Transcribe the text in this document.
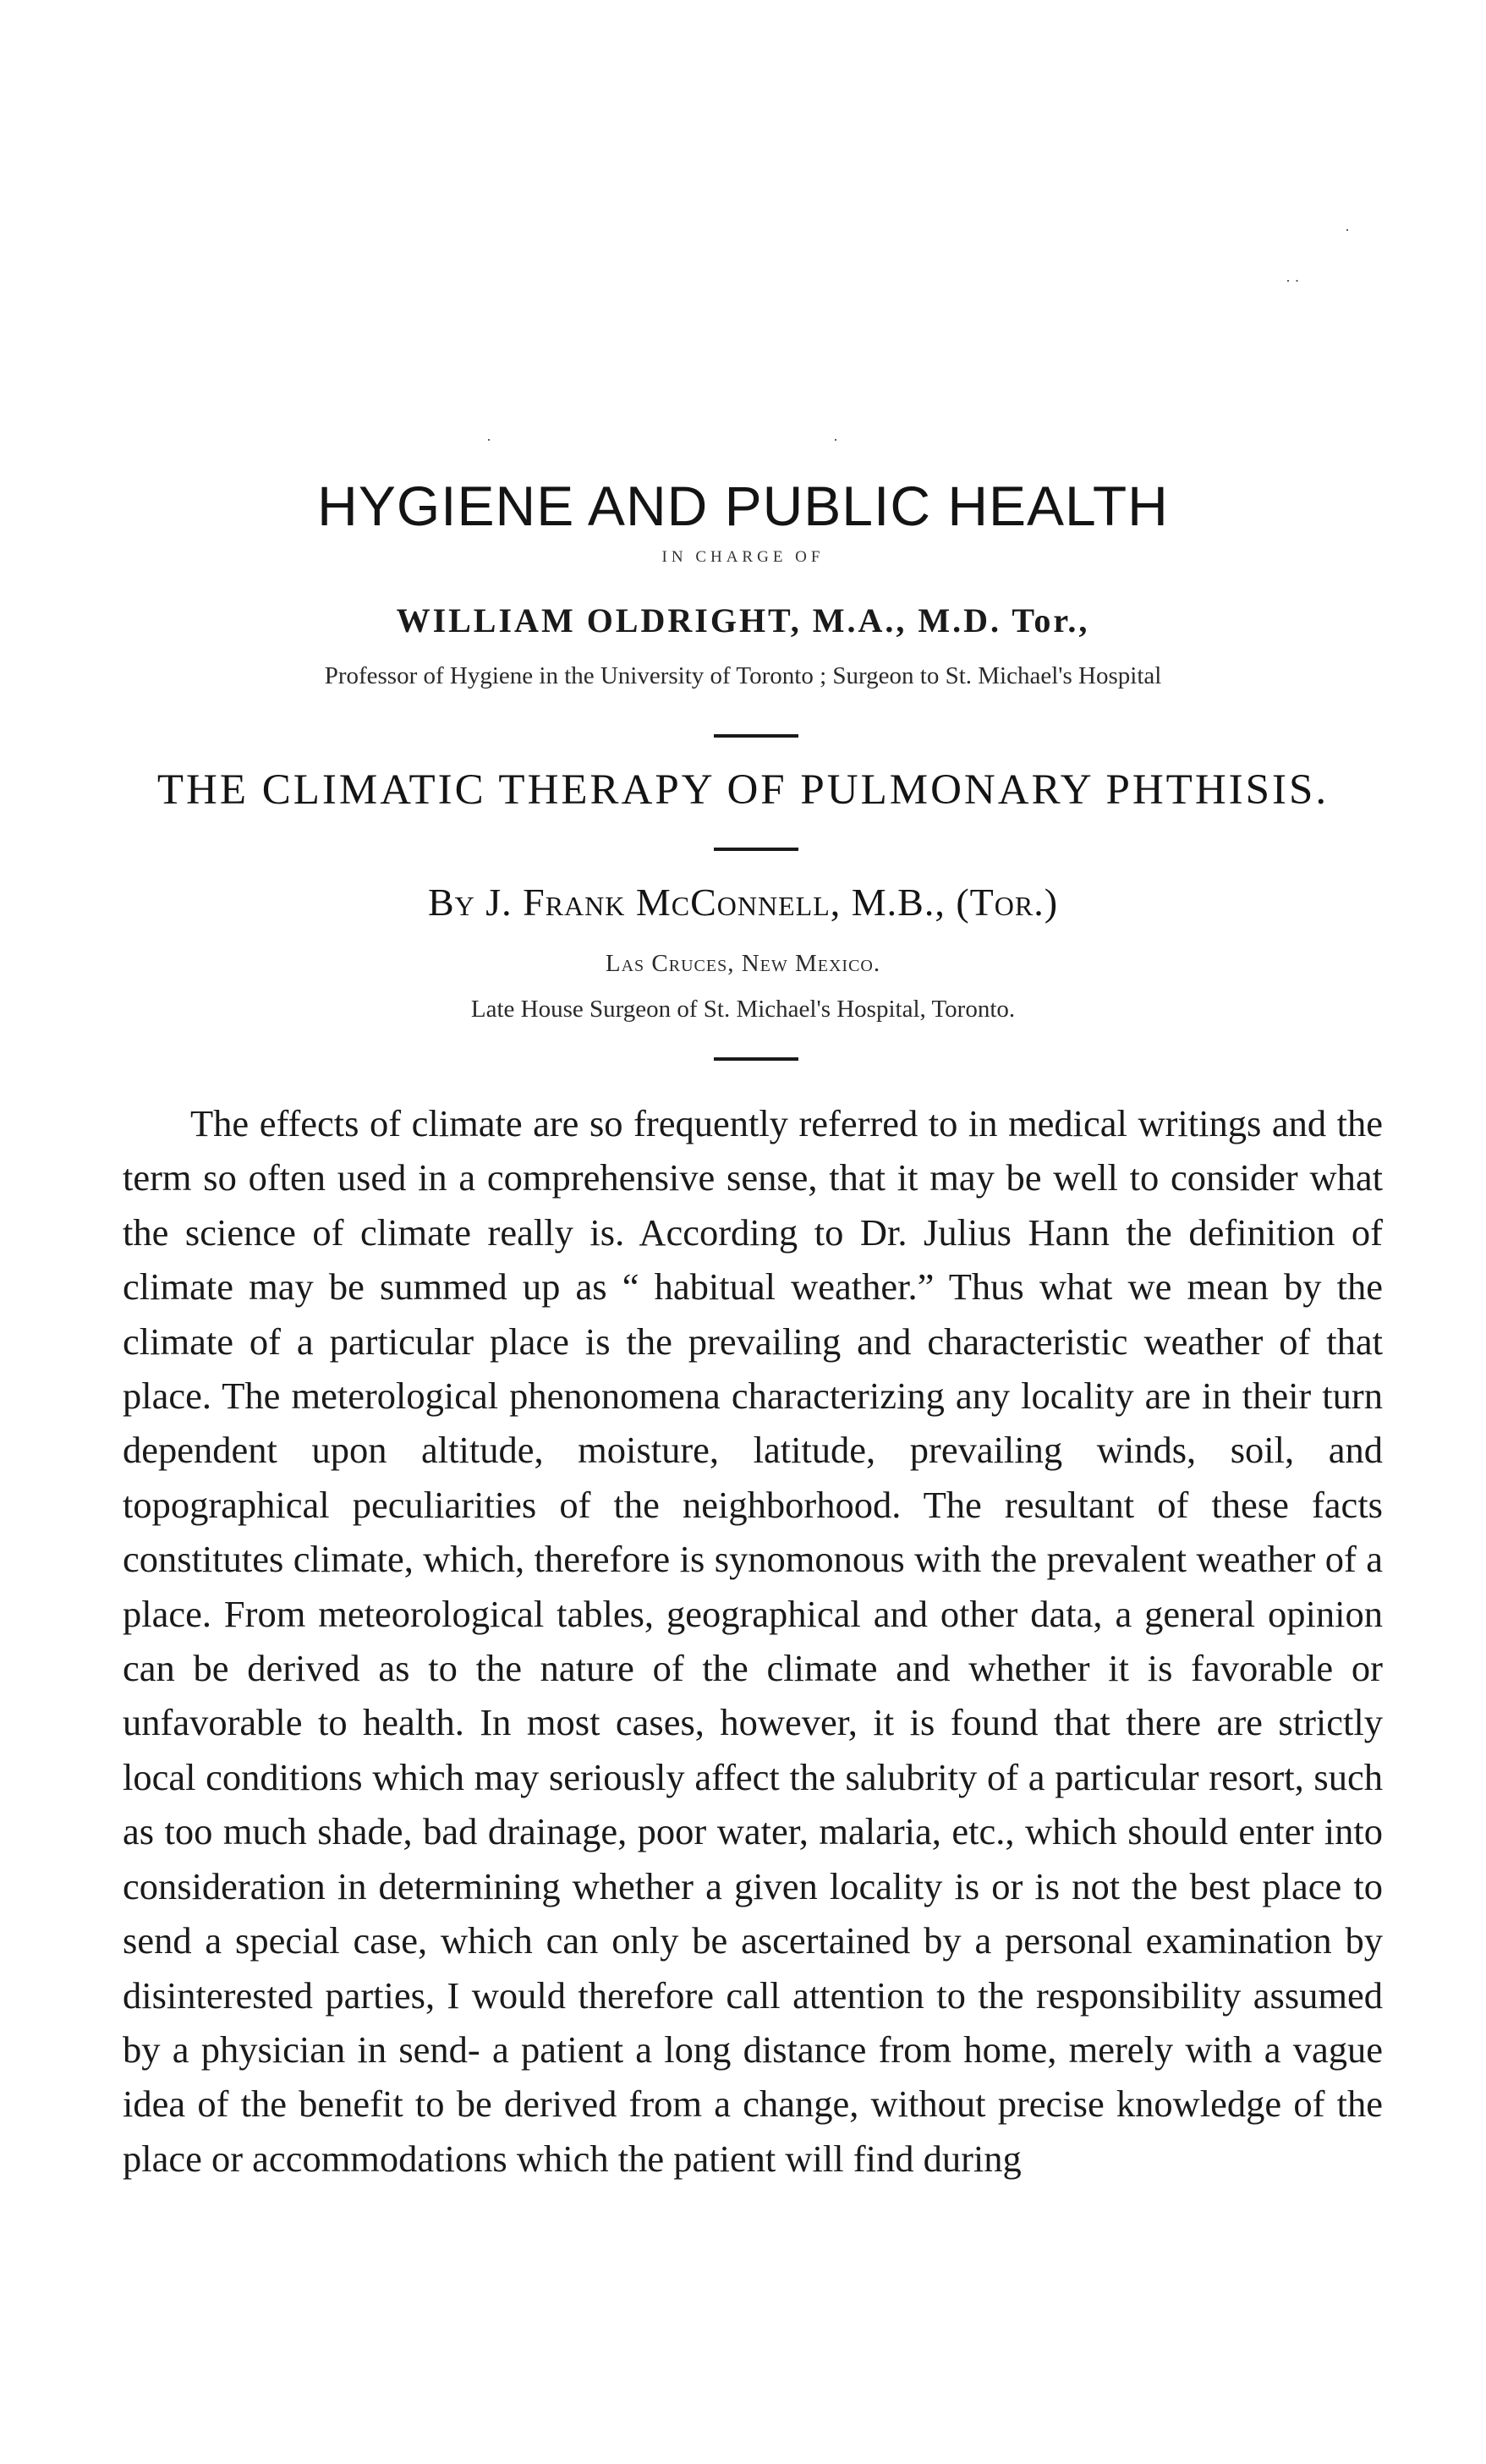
·
· ·
·	·
HYGIENE AND PUBLIC HEALTH
IN CHARGE OF
WILLIAM OLDRIGHT, M.A., M.D. Tor.,
Professor of Hygiene in the University of Toronto ; Surgeon to St. Michael's Hospital
THE CLIMATIC THERAPY OF PULMONARY PHTHISIS.
By J. Frank McConnell, M.B., (Tor.)
Las Cruces, New Mexico.
Late House Surgeon of St. Michael's Hospital, Toronto.

The effects of climate are so frequently referred to in medical writings and the term so often used in a comprehensive sense, that it may be well to consider what the science of climate really is. According to Dr. Julius Hann the definition of climate may be summed up as “ habitual weather.” Thus what we mean by the climate of a particular place is the prevailing and characteristic weather of that place. The meterological phenonomena characterizing any locality are in their turn dependent upon altitude, moisture, latitude, prevailing winds, soil, and topographical peculiarities of the neighborhood. The resultant of these facts constitutes climate, which, therefore is synomonous with the prevalent weather of a place. From meteorological tables, geographical and other data, a general opinion can be derived as to the nature of the climate and whether it is favorable or unfavorable to health. In most cases, however, it is found that there are strictly local conditions which may seriously affect the salubrity of a particular resort, such as too much shade, bad drainage, poor water, malaria, etc., which should enter into consideration in determining whether a given locality is or is not the best place to send a special case, which can only be ascertained by a personal examination by disinterested parties, I would therefore call attention to the responsibility assumed by a physician in send- a patient a long distance from home, merely with a vague idea of the benefit to be derived from a change, without precise knowledge of the place or accommodations which the patient will find during
